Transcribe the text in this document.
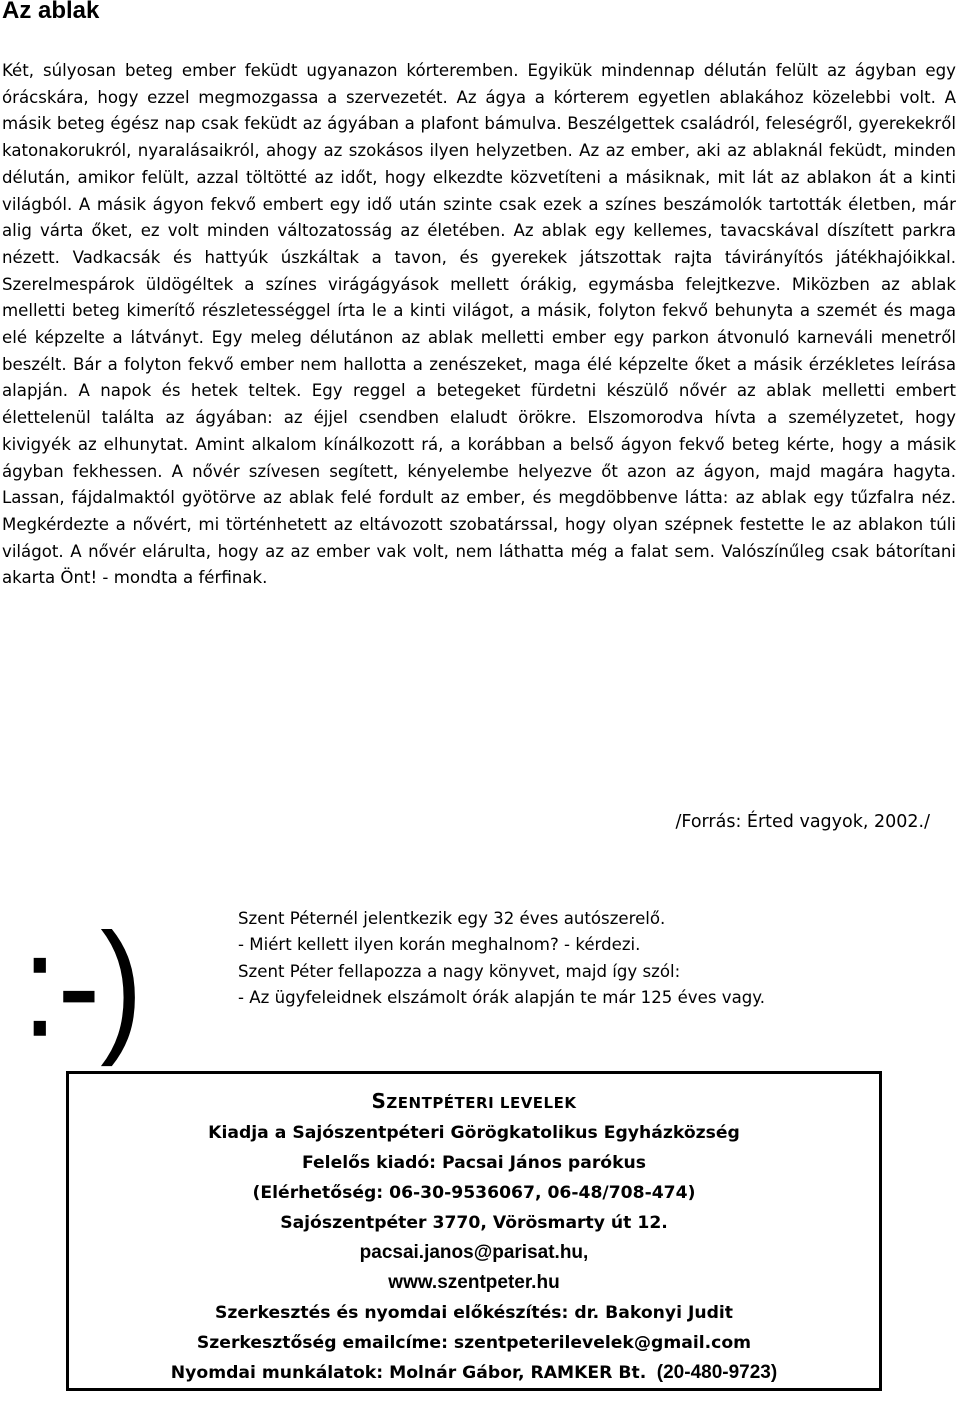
Az ablak

Két, súlyosan beteg ember feküdt ugyanazon kórteremben. Egyikük mindennap délután felült az ágyban egy órácskára, hogy ezzel megmozgassa a szervezetét. Az ágya a kórterem egyetlen ablakához közelebbi volt. A másik beteg égész nap csak feküdt az ágyában a plafont bámulva. Beszélgettek családról, feleségről, gyerekekről katonakorukról, nyaralásaikról, ahogy az szokásos ilyen helyzetben. Az az ember, aki az ablaknál feküdt, minden délután, amikor felült, azzal töltötté az időt, hogy elkezdte közvetíteni a másiknak, mit lát az ablakon át a kinti világból. A másik ágyon fekvő embert egy idő után szinte csak ezek a színes beszámolók tartották életben, már alig várta őket, ez volt minden változatosság az életében. Az ablak egy kellemes, tavacskával díszített parkra nézett. Vadkacsák és hattyúk úszkáltak a tavon, és gyerekek játszottak rajta távirányítós játékhajóikkal. Szerelmespárok üldögéltek a színes virágágyások mellett órákig, egymásba felejtkezve. Miközben az ablak melletti beteg kimerítő részletességgel írta le a kinti világot, a másik, folyton fekvő behunyta a szemét és maga elé képzelte a látványt. Egy meleg délutánon az ablak melletti ember egy parkon átvonuló karneváli menetről beszélt. Bár a folyton fekvő ember nem hallotta a zenészeket, maga élé képzelte őket a másik érzékletes leírása alapján. A napok és hetek teltek. Egy reggel a betegeket fürdetni készülő nővér az ablak melletti embert élettelenül találta az ágyában: az éjjel csendben elaludt örökre. Elszomorodva hívta a személyzetet, hogy kivigyék az elhunytat. Amint alkalom kínálkozott rá, a korábban a belső ágyon fekvő beteg kérte, hogy a másik ágyban fekhessen. A nővér szívesen segített, kényelembe helyezve őt azon az ágyon, majd magára hagyta. Lassan, fájdalmaktól gyötörve az ablak felé fordult az ember, és megdöbbenve látta: az ablak egy tűzfalra néz. Megkérdezte a nővért, mi történhetett az eltávozott szobatárssal, hogy olyan szépnek festette le az ablakon túli világot. A nővér elárulta, hogy az az ember vak volt, nem láthatta még a falat sem. Valószínűleg csak bátorítani akarta Önt! - mondta a férfinak.

/Forrás: Érted vagyok, 2002./

:-)	Szent Péternél jelentkezik egy 32 éves autószerelő.
- Miért kellett ilyen korán meghalnom? - kérdezi.
Szent Péter fellapozza a nagy könyvet, majd így szól:
- Az ügyfeleidnek elszámolt órák alapján te már 125 éves vagy.
SZENTPÉTERI LEVELEK
Kiadja a Sajószentpéteri Görögkatolikus Egyházközség
Felelős kiadó: Pacsai János parókus
(Elérhetőség: 06-30-9536067, 06-48/708-474)
Sajószentpéter 3770, Vörösmarty út 12.
pacsai.janos@parisat.hu,
www.szentpeter.hu
Szerkesztés és nyomdai előkészítés: dr. Bakonyi Judit
Szerkesztőség emailcíme: szentpeterilevelek@gmail.com
Nyomdai munkálatok: Molnár Gábor, RAMKER Bt.  (20-480-9723)
